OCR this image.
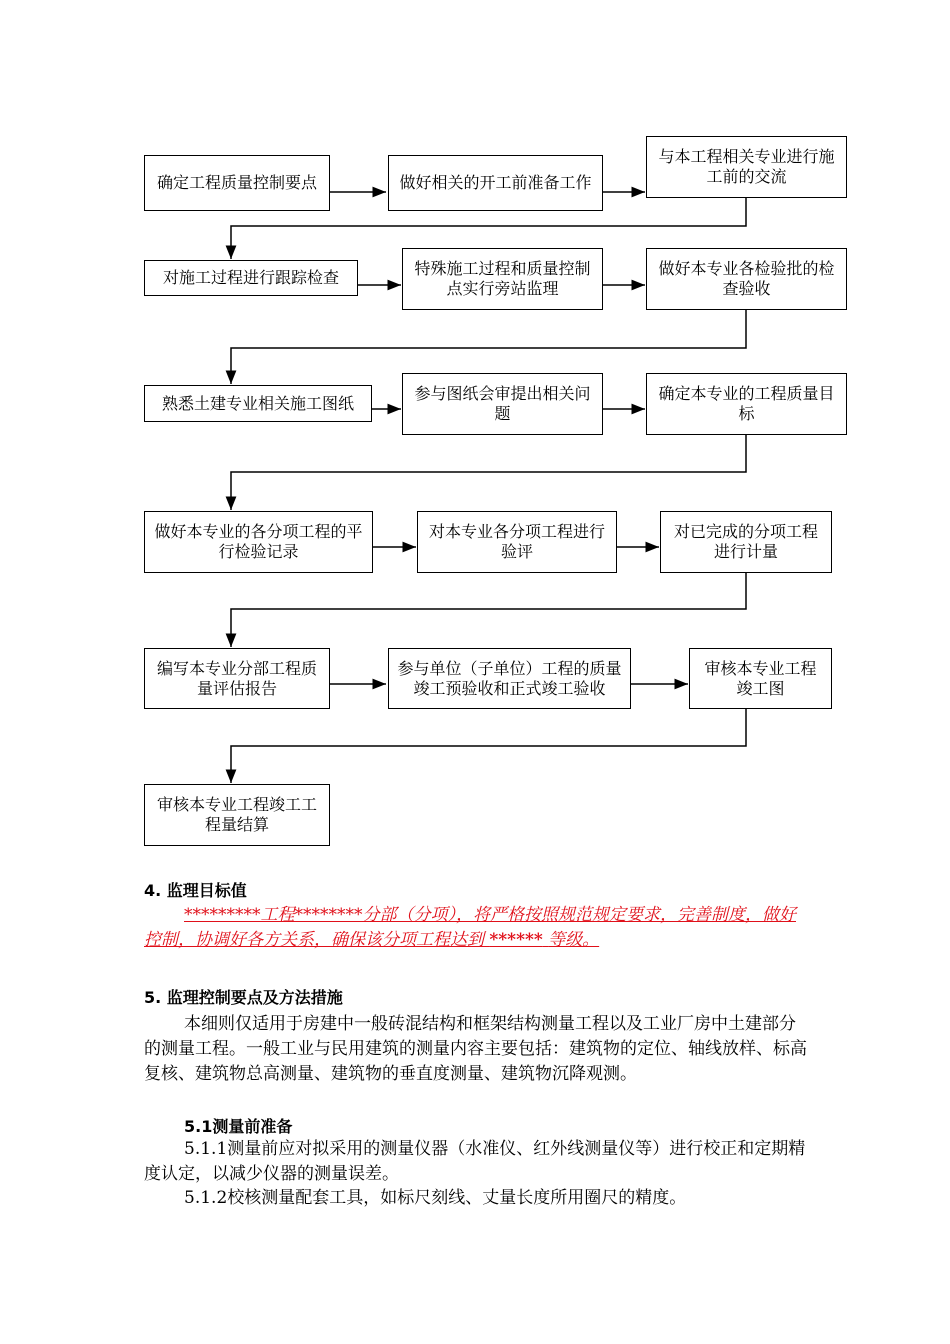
确定工程质量控制要点	做好相关的开工前准备工作
与本工程相关专业进行施工前的交流
对施工过程进行跟踪检查	特殊施工过程和质量控制点实行旁站监理
做好本专业各检验批的检查验收
熟悉土建专业相关施工图纸	参与图纸会审提出相关问题
确定本专业的工程质量目标
做好本专业的各分项工程的平行检验记录
对本专业各分项工程进行验评
对已完成的分项工程进行计量
编写本专业分部工程质量评估报告
参与单位（子单位）工程的质量竣工预验收和正式竣工验收
审核本专业工程竣工图
审核本专业工程竣工工程量结算
4. 监理目标值
*********工程********分部（分项），将严格按照规范规定要求，完善制度，做好控制，协调好各方关系，确保该分项工程达到 ****** 等级。
5. 监理控制要点及方法措施
本细则仅适用于房建中一般砖混结构和框架结构测量工程以及工业厂房中土建部分的测量工程。一般工业与民用建筑的测量内容主要包括：建筑物的定位、轴线放样、标高复核、建筑物总高测量、建筑物的垂直度测量、建筑物沉降观测。
5.1测量前准备
5.1.1测量前应对拟采用的测量仪器（水准仪、红外线测量仪等）进行校正和定期精度认定，以减少仪器的测量误差。
5.1.2校核测量配套工具，如标尺刻线、丈量长度所用圈尺的精度。
